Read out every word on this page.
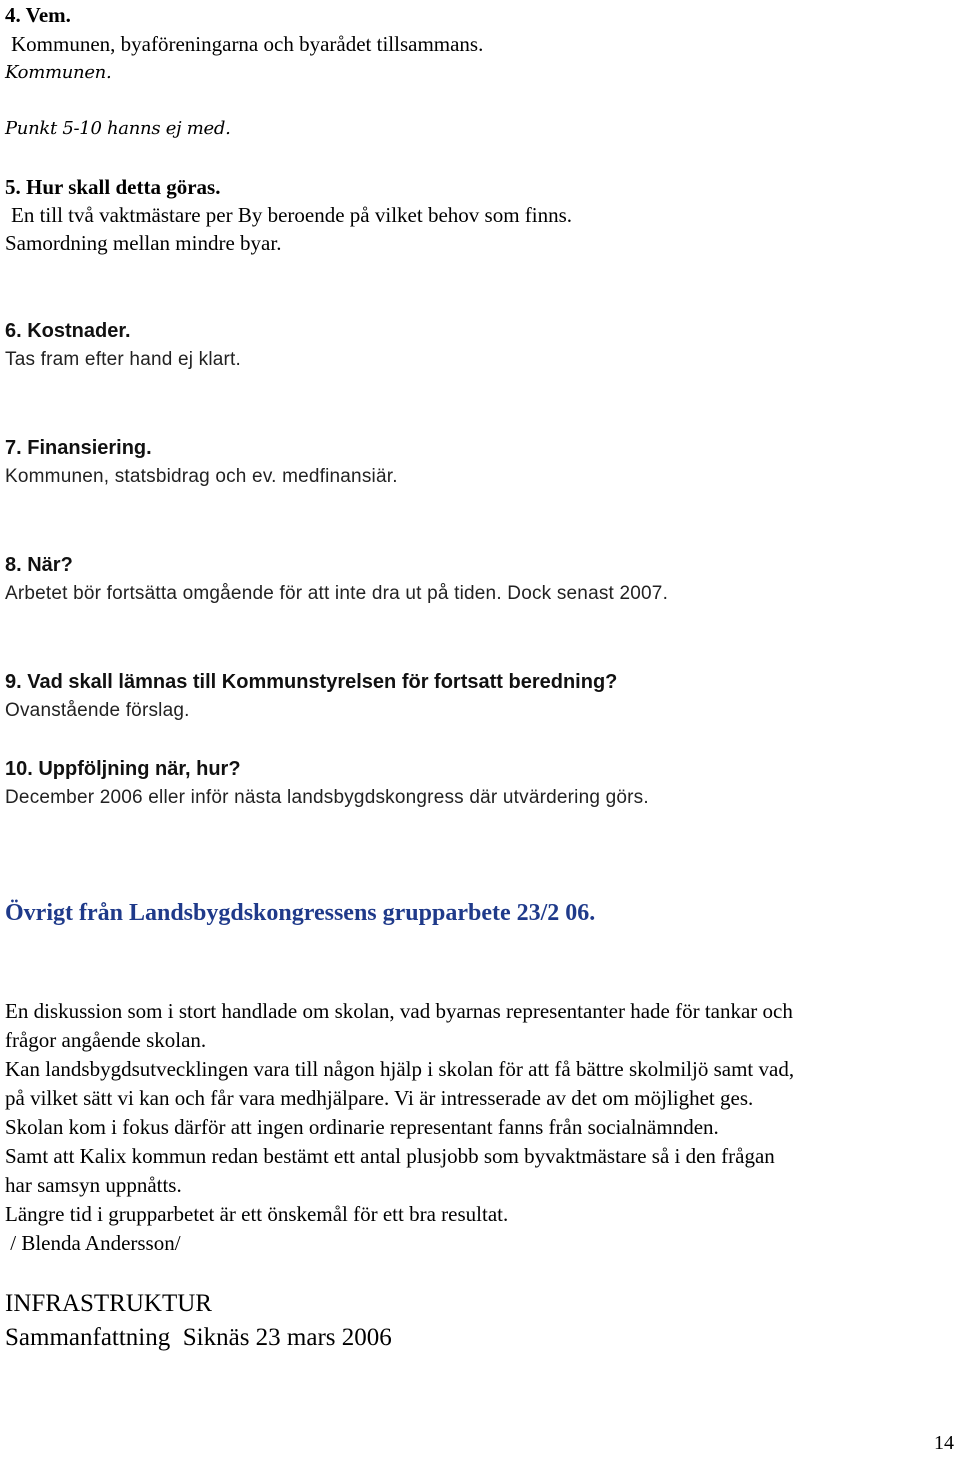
4. Vem.
Kommunen, byaföreningarna och byarådet tillsammans.
Kommunen.
Punkt 5-10 hanns ej med.
5. Hur skall detta göras.
En till två vaktmästare per By beroende på vilket behov som finns.
Samordning mellan mindre byar.
6. Kostnader.
Tas fram efter hand ej klart.
7. Finansiering.
Kommunen, statsbidrag och ev. medfinansiär.
8. När?
Arbetet bör fortsätta omgående för att inte dra ut på tiden. Dock senast 2007.
9. Vad skall lämnas till Kommunstyrelsen för fortsatt beredning?
Ovanstående förslag.
10. Uppföljning när, hur?
December 2006 eller inför nästa landsbygdskongress där utvärdering görs.
Övrigt från Landsbygdskongressens grupparbete 23/2 06.
En diskussion som i stort handlade om skolan, vad byarnas representanter hade för tankar och
frågor angående skolan.
Kan landsbygdsutvecklingen vara till någon hjälp i skolan för att få bättre skolmiljö samt vad,
på vilket sätt vi kan och får vara medhjälpare. Vi är intresserade av det om möjlighet ges.
Skolan kom i fokus därför att ingen ordinarie representant fanns från socialnämnden.
Samt att Kalix kommun redan bestämt ett antal plusjobb som byvaktmästare så i den frågan
har samsyn uppnåtts.
Längre tid i grupparbetet är ett önskemål för ett bra resultat.
/ Blenda Andersson/
INFRASTRUKTUR
Sammanfattning  Siknäs 23 mars 2006
14
